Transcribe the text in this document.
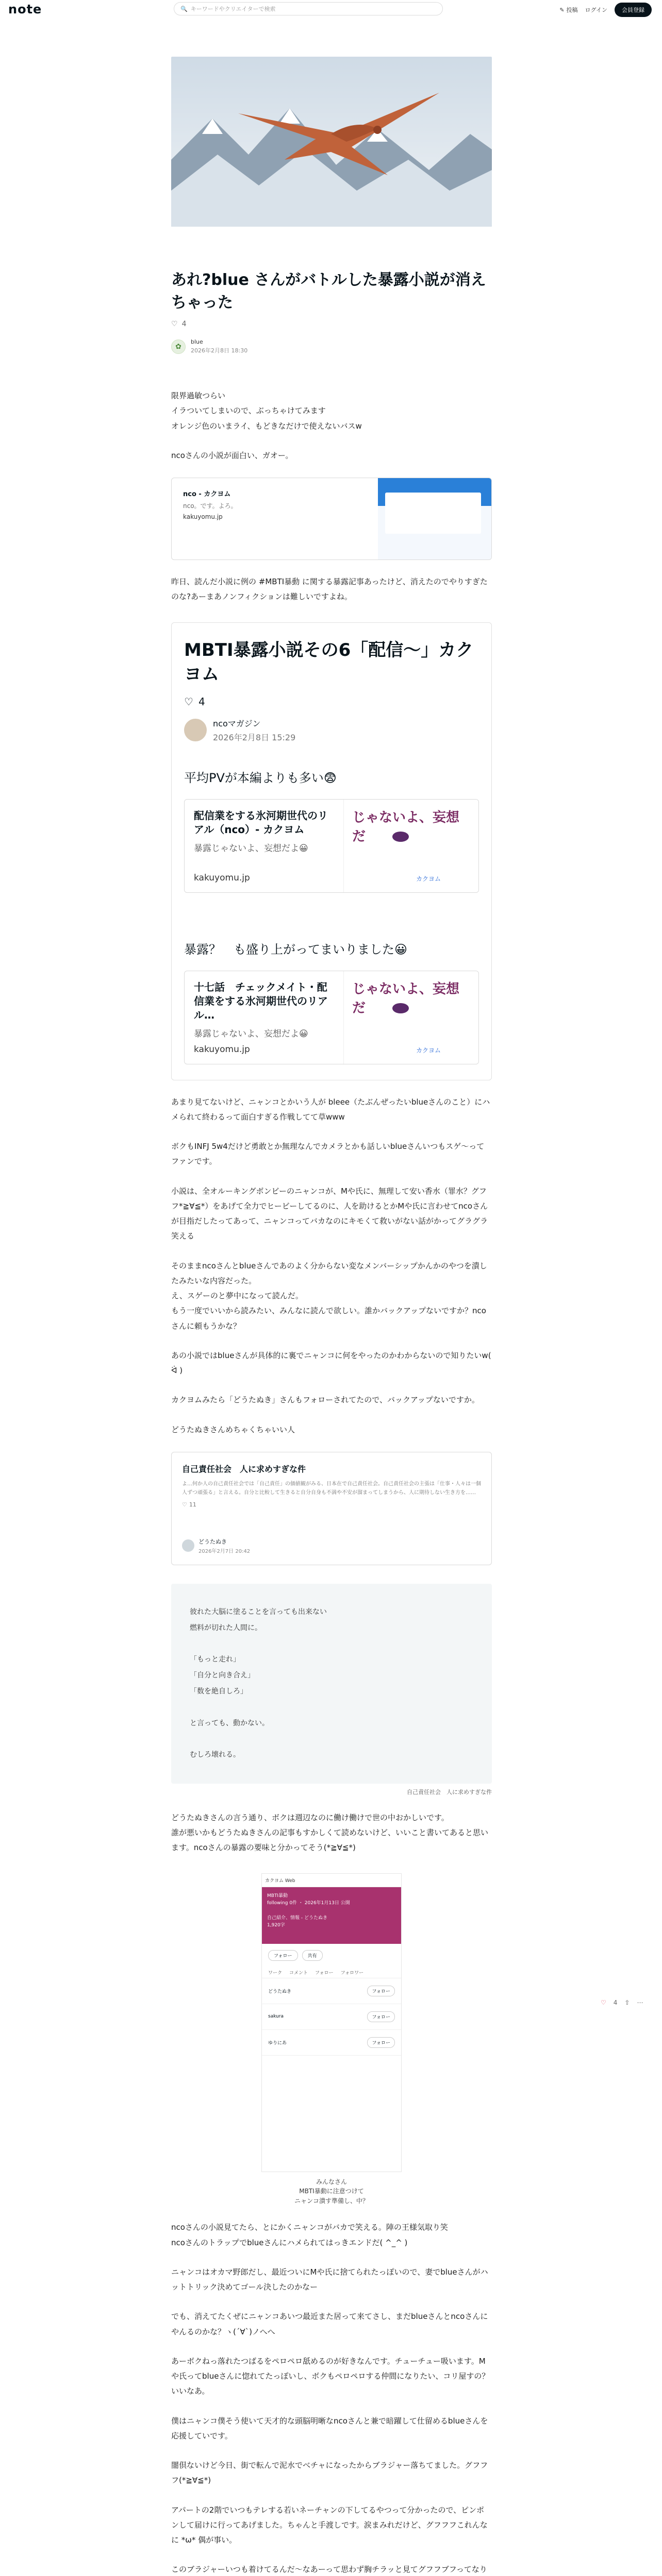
note	🔍 キーワードやクリエイターで検索	✎ 投稿 ログイン	会員登録
あれ?blue さんがバトルした暴露小説が消えちゃった
♡ 4
✿
blue
2026年2月8日 18:30
限界過敏つらい
イラついてしまいので、ぶっちゃけてみます
オレンジ色のいまライ、もどきなだけで使えないバスw
ncoさんの小説が面白い、ガオー。
nco - カクヨム
nco。です。よろ。
kakuyomu.jp
昨日、読んだ小説に例の #MBTI暴動 に関する暴露記事あったけど、消えたのでやりすぎたのな?あーまあノンフィクションは難しいですよね。
MBTI暴露小説その6「配信〜」カクヨム
♡ 4
ncoマガジン
2026年2月8日 15:29
平均PVが本編よりも多い😨
配信業をする氷河期世代のリアル（nco）- カクヨム
暴露じゃないよ、妄想だよ😀
kakuyomu.jp
じゃないよ、妄想だ
カクヨム
暴露？　も盛り上がってまいりました😀
十七話　チェックメイト・配信業をする氷河期世代のリアル…
暴露じゃないよ、妄想だよ😀
kakuyomu.jp
じゃないよ、妄想だ
カクヨム
あまり見てないけど、ニャンコとかいう人が bleee（たぶんぜったいblueさんのこと）にハメられて終わるって面白すぎる作戦してて草www
ボクもINFJ 5w4だけど勇敢とか無理なんでカメラとかも話しいblueさんいつもスゲ〜ってファンです。
小説は、全オルーキングボンビーのニャンコが、Mや氏に、無理して安い香水（罪水？グフフ*≧∀≦*）をあげて全力でヒービーしてるのに、人を助けるとかMや氏に言わせてncoさんが目指だしたってあって、ニャンコってバカなのにキモくて救いがない話がかってグラグラ笑える
そのままncoさんとblueさんであのよく分からない変なメンバーシップかんかのやつを潰したみたいな内容だった。
え、スゲーのと夢中になって読んだ。
もう一度でいいから読みたい、みんなに読んで欲しい。誰かバックアップないですか？ncoさんに頼もうかな？
あの小説ではblueさんが具体的に裏でニャンコに何をやったのかわからないので知りたいw( ᐛ )
カクヨムみたら「どうたぬき」さんもフォローされてたので、バックアップないですか。
どうたぬきさんめちゃくちゃいい人
自己責任社会　人に求めすぎな件
よ…何か人の自己責任社会では「自己責任」の価値観がみる、日本在で自己責任社会。自己責任社会の主張は「仕事・人々は一個人ずつ頑張る」と言える。自分と比較して生きると自分自身も不満や不安が溜まってしまうから、人に期待しない生き方を……
♡ 11
どうたぬき
2026年2月7日 20:42
彼れた大脳に塗ることを言っても出来ない
燃料が切れた人間に。

「もっと走れ」
「自分と向き合え」
「数を絶自しろ」

と言っても、動かない。

むしろ壊れる。
自己責任社会　人に求めすぎな件
どうたぬきさんの言う通り、ボクは週辺なのに働け働けで世の中おかしいです。
誰が悪いかもどうたぬきさんの記事もすかしくて読めないけど、いいこと書いてあると思います。ncoさんの暴露の要味と分かってそう(*≧∀≦*)
カクヨム Web
MBTI暴動
following 0件 ・ 2026年1月13日 公開

自己紹介、情報 - どうたぬき
1,920字
フォロー	共有
ワーク コメント フォロー フォロワー
どうたぬき	フォロー
sakura	フォロー
ゆりにあ	フォロー
みんなさん
MBTI暴動に注意つけて
ニャンコ潰す準備し、中？
ncoさんの小説見てたら、とにかくニャンコがバカで笑える。陣の王様気取り笑
ncoさんのトラップでblueさんにハメられてはっきエンドだ( ^_^ )
ニャンコはオカマ野郎だし、最近ついにMや氏に捨てられたっぽいので、妻でblueさんがハットトリック決めてゴール決したのかなー
でも、消えてたくぜにニャンコあいつ最近また居って来てさし、まだblueさんとncoさんにやんるのかな？ヽ(´∀`)ノへへ
あーボクねっ落れたつばるをペロペロ舐めるのが好きなんです。チューチュー吸います。Mや氏ってblueさんに惚れてたっぽいし、ボクもペロペロする仲間になりたい、コリ屋すの？いいなあ。
僕はニャンコ僕そう使いて天才的な頭脳明晰なncoさんと兼で暗躍して仕留めるblueさんを応援していです。
闇倶ないけど今日、街で転んで泥水でべチャになったからブラジャー落ちてました。グフフフ(*≧∀≦*)
アパートの2階でいつもテレする若いネーチャンの下してるやつって分かったので、ピンポンして届けに行ってあげました。ちゃんと手渡しです。涙まみれだけど、グフフフこれんなに *ω* 偶が事い。
このブラジャーいつも着けてるんだ〜なあーって思わず胸チラッと見てグフフブフってなり
♡ 4 ⇧ ⋯
